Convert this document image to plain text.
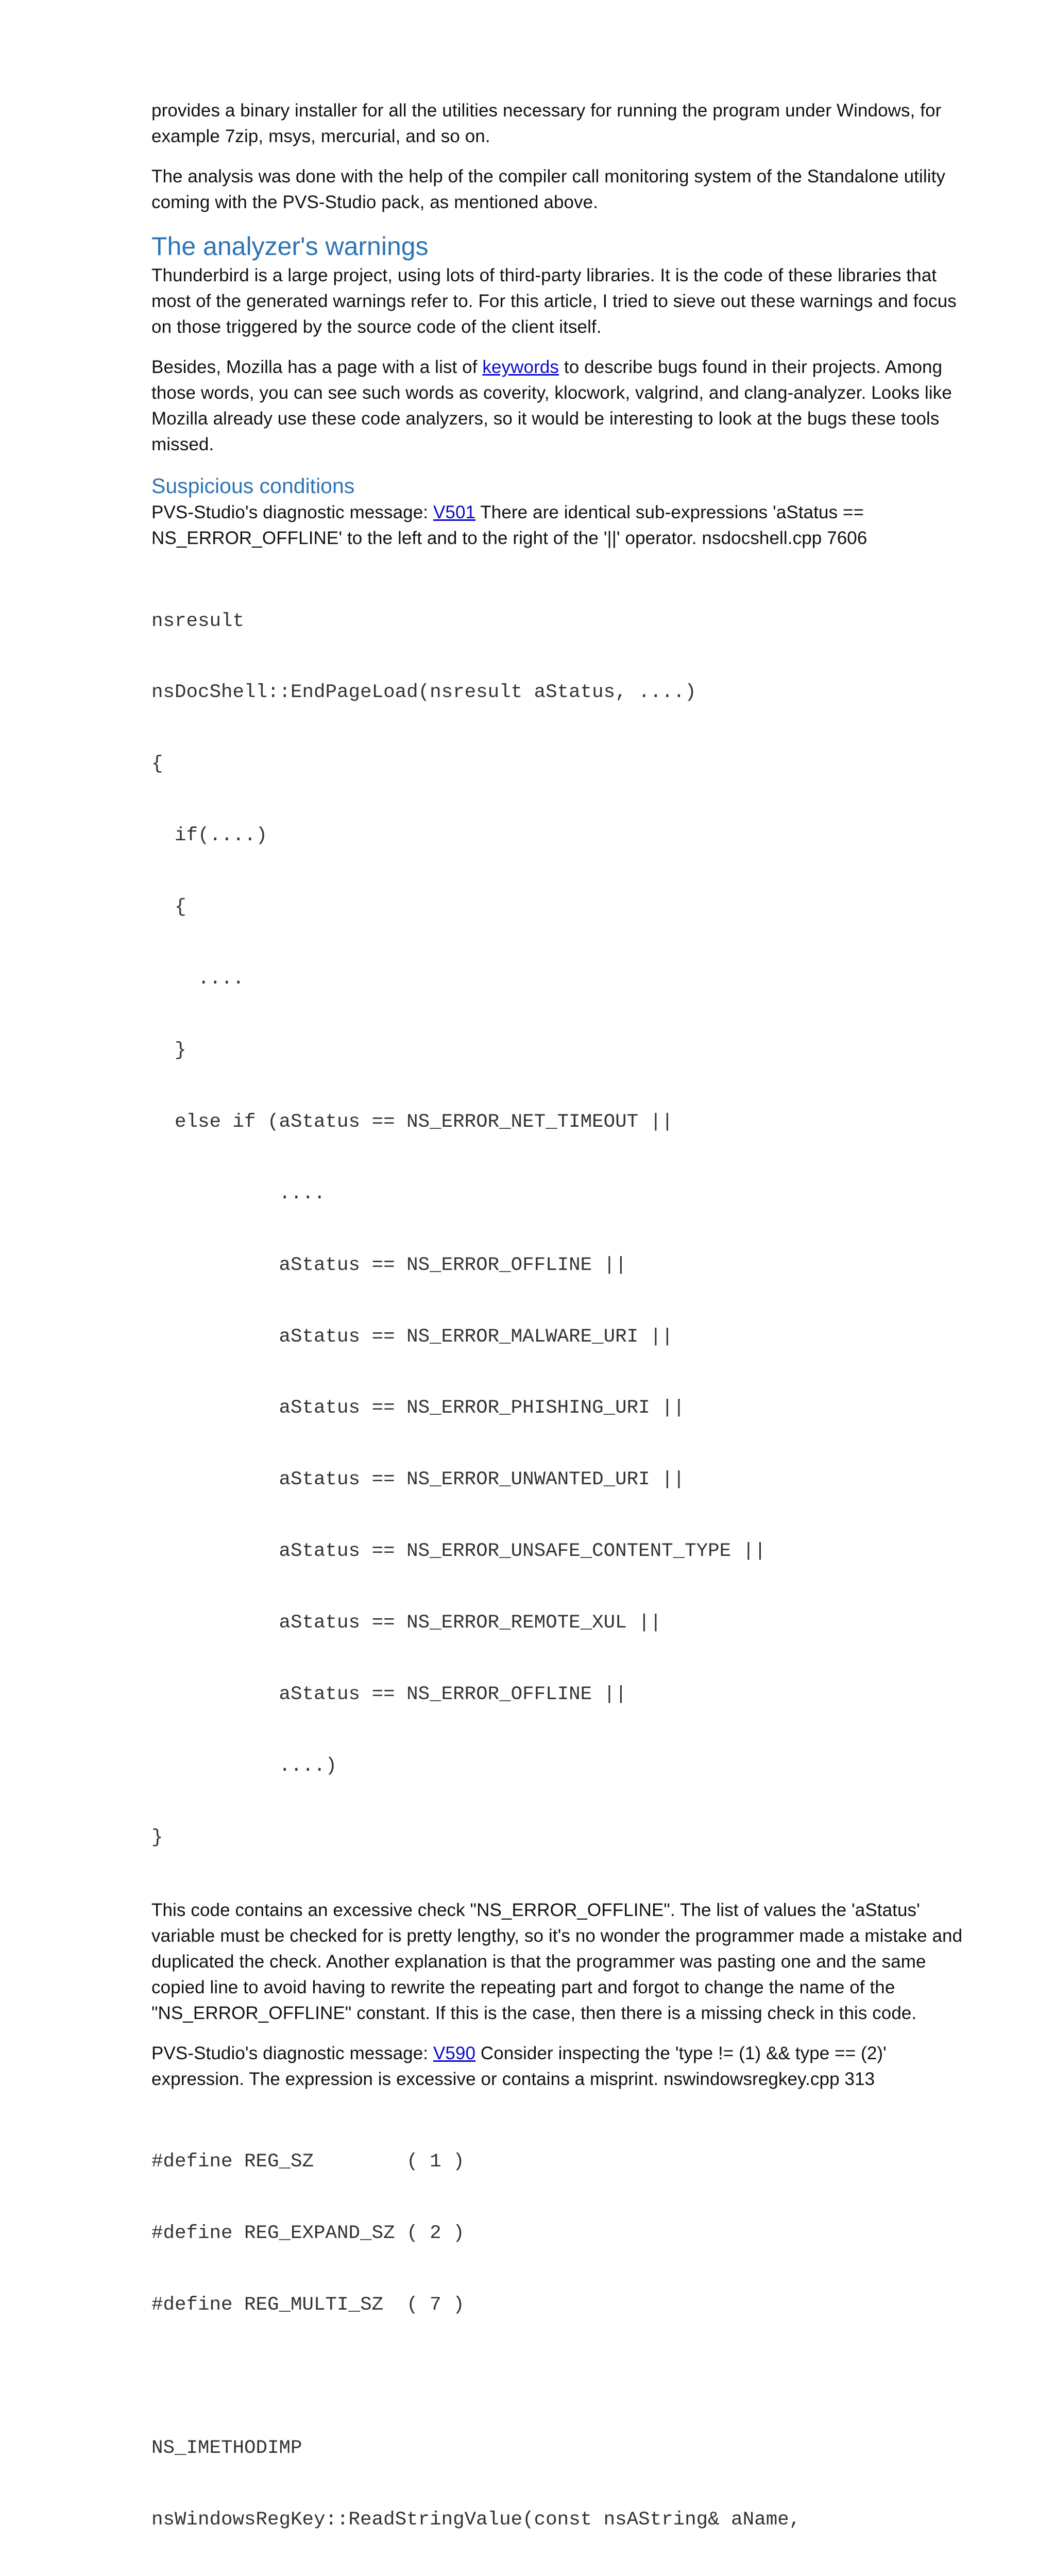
provides a binary installer for all the utilities necessary for running the program under Windows, for example 7zip, msys, mercurial, and so on.

The analysis was done with the help of the compiler call monitoring system of the Standalone utility coming with the PVS-Studio pack, as mentioned above.

The analyzer's warnings

Thunderbird is a large project, using lots of third-party libraries. It is the code of these libraries that most of the generated warnings refer to. For this article, I tried to sieve out these warnings and focus on those triggered by the source code of the client itself.

Besides, Mozilla has a page with a list of keywords to describe bugs found in their projects. Among those words, you can see such words as coverity, klocwork, valgrind, and clang-analyzer. Looks like Mozilla already use these code analyzers, so it would be interesting to look at the bugs these tools missed.

Suspicious conditions

PVS-Studio's diagnostic message: V501 There are identical sub-expressions 'aStatus == NS_ERROR_OFFLINE' to the left and to the right of the '||' operator. nsdocshell.cpp 7606

nsresult

nsDocShell::EndPageLoad(nsresult aStatus, ....)

{

if(....)

{

....

}

else if (aStatus == NS_ERROR_NET_TIMEOUT ||

....

aStatus == NS_ERROR_OFFLINE ||

aStatus == NS_ERROR_MALWARE_URI ||

aStatus == NS_ERROR_PHISHING_URI ||

aStatus == NS_ERROR_UNWANTED_URI ||

aStatus == NS_ERROR_UNSAFE_CONTENT_TYPE ||

aStatus == NS_ERROR_REMOTE_XUL ||

aStatus == NS_ERROR_OFFLINE ||

....)

}

This code contains an excessive check "NS_ERROR_OFFLINE". The list of values the 'aStatus' variable must be checked for is pretty lengthy, so it's no wonder the programmer made a mistake and duplicated the check. Another explanation is that the programmer was pasting one and the same copied line to avoid having to rewrite the repeating part and forgot to change the name of the "NS_ERROR_OFFLINE" constant. If this is the case, then there is a missing check in this code.

PVS-Studio's diagnostic message: V590 Consider inspecting the 'type != (1) && type == (2)' expression. The expression is excessive or contains a misprint. nswindowsregkey.cpp 313

#define REG_SZ        ( 1 )

#define REG_EXPAND_SZ ( 2 )

#define REG_MULTI_SZ  ( 7 )

NS_IMETHODIMP

nsWindowsRegKey::ReadStringValue(const nsAString& aName,
